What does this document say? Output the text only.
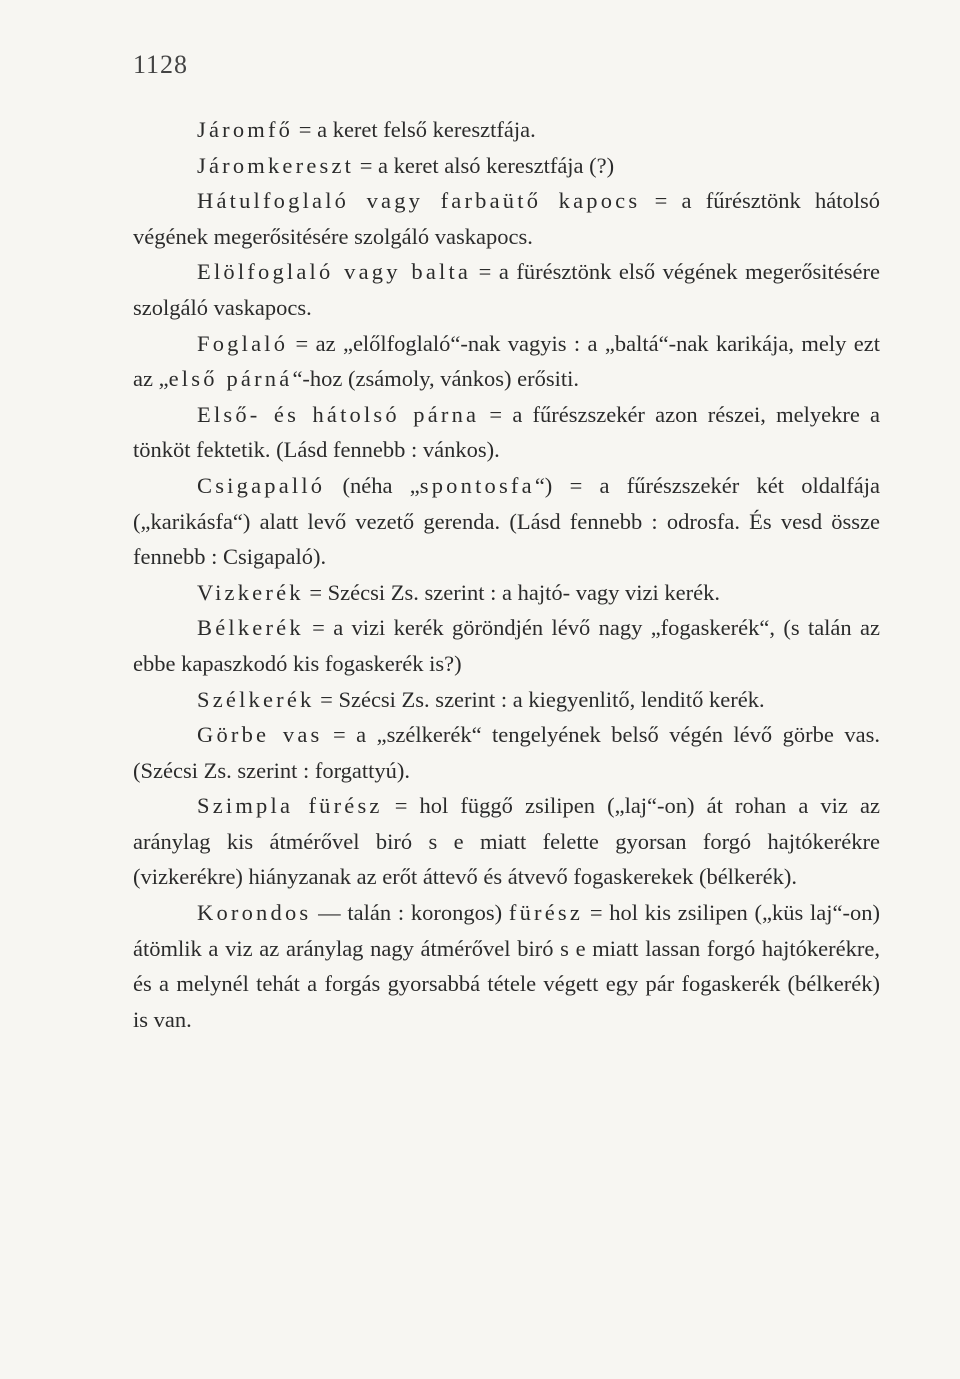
1128

Járomfő = a keret felső keresztfája.

Járomkereszt = a keret alsó keresztfája (?)

Hátulfoglaló vagy farbaütő kapocs = a fűrésztönk hátolsó végének megerősitésére szolgáló vaskapocs.

Elölfoglaló vagy balta = a fürésztönk első végének megerősitésére szolgáló vaskapocs.

Foglaló = az „előlfoglaló“-nak vagyis : a „baltá“-nak karikája, mely ezt az „első párná“-hoz (zsámoly, vánkos) erősiti.

Első- és hátolsó párna = a fűrészszekér azon részei, melyekre a tönköt fektetik. (Lásd fennebb : vánkos).

Csigapalló (néha „spontosfa“) = a fűrészszekér két oldalfája („karikásfa“) alatt levő vezető gerenda. (Lásd fennebb : odrosfa. És vesd össze fennebb : Csigapaló).

Vizkerék = Szécsi Zs. szerint : a hajtó- vagy vizi kerék.

Bélkerék = a vizi kerék göröndjén lévő nagy „fogaskerék“, (s talán az ebbe kapaszkodó kis fogaskerék is?)

Szélkerék = Szécsi Zs. szerint : a kiegyenlitő, lenditő kerék.

Görbe vas = a „szélkerék“ tengelyének belső végén lévő görbe vas. (Szécsi Zs. szerint : forgattyú).

Szimpla fürész = hol függő zsilipen („laj“-on) át rohan a viz az aránylag kis átmérővel biró s e miatt felette gyorsan forgó hajtókerékre (vizkerékre) hiányzanak az erőt áttevő és átvevő fogaskerekek (bélkerék).

Korondos — talán : korongos) fürész = hol kis zsilipen („küs laj“-on) átömlik a viz az aránylag nagy átmérővel biró s e miatt lassan forgó hajtókerékre, és a melynél tehát a forgás gyorsabbá tétele végett egy pár fogaskerék (bélkerék) is van.
